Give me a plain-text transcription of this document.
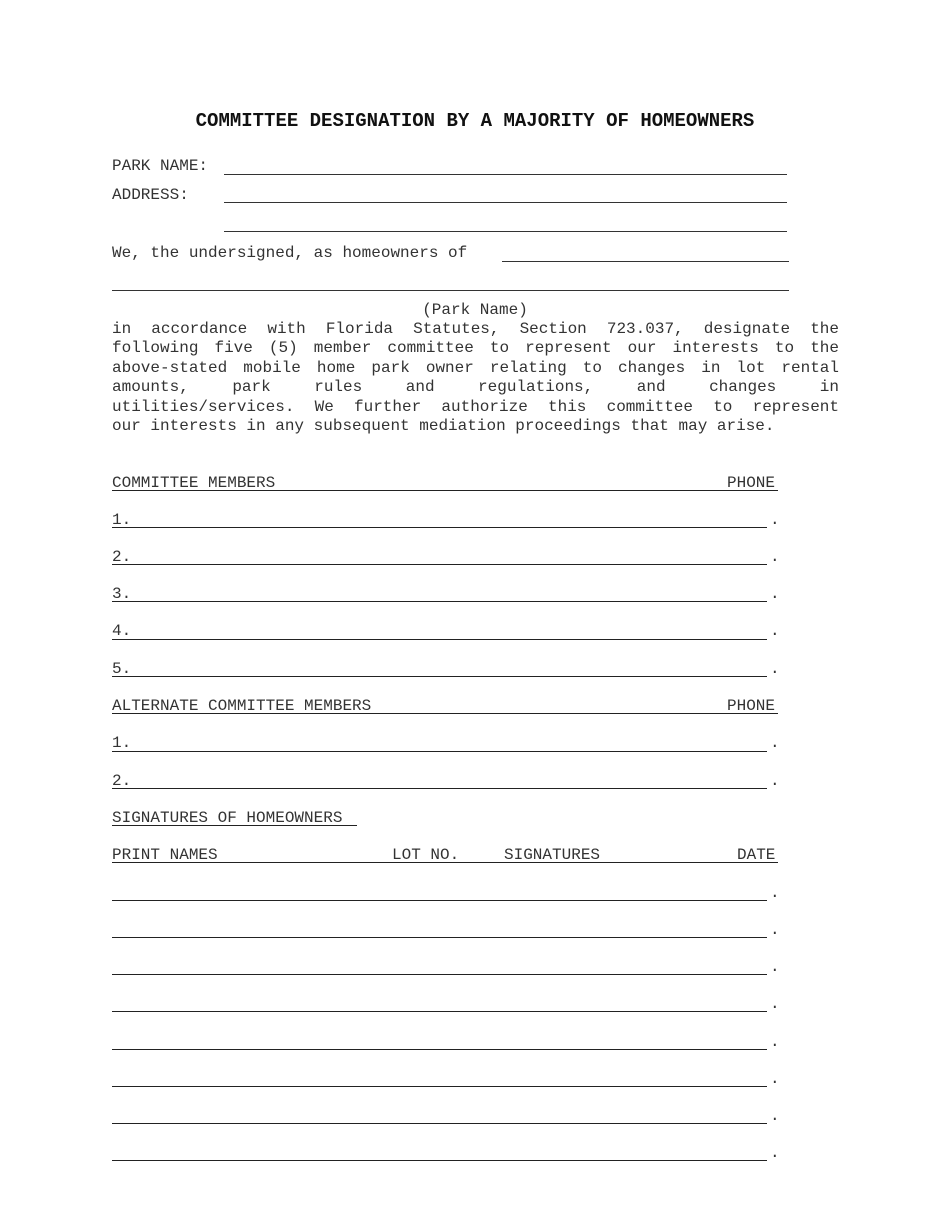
COMMITTEE DESIGNATION BY A MAJORITY OF HOMEOWNERS
PARK NAME:
ADDRESS:
We, the undersigned, as homeowners of
(Park Name)
in accordance with Florida Statutes, Section 723.037, designate the
following five (5) member committee to represent our interests to the
above-stated mobile home park owner relating to changes in lot rental
amounts, park rules and regulations, and changes in
utilities/services. We further authorize this committee to represent
our interests in any subsequent mediation proceedings that may arise.
COMMITTEE MEMBERS	PHONE
1.	.
2.	.
3.	.
4.	.
5.	.
ALTERNATE COMMITTEE MEMBERS	PHONE
1.	.
2.	.
SIGNATURES OF HOMEOWNERS
PRINT NAMES	LOT NO.	SIGNATURES	DATE
.
.
.
.
.
.
.
.
